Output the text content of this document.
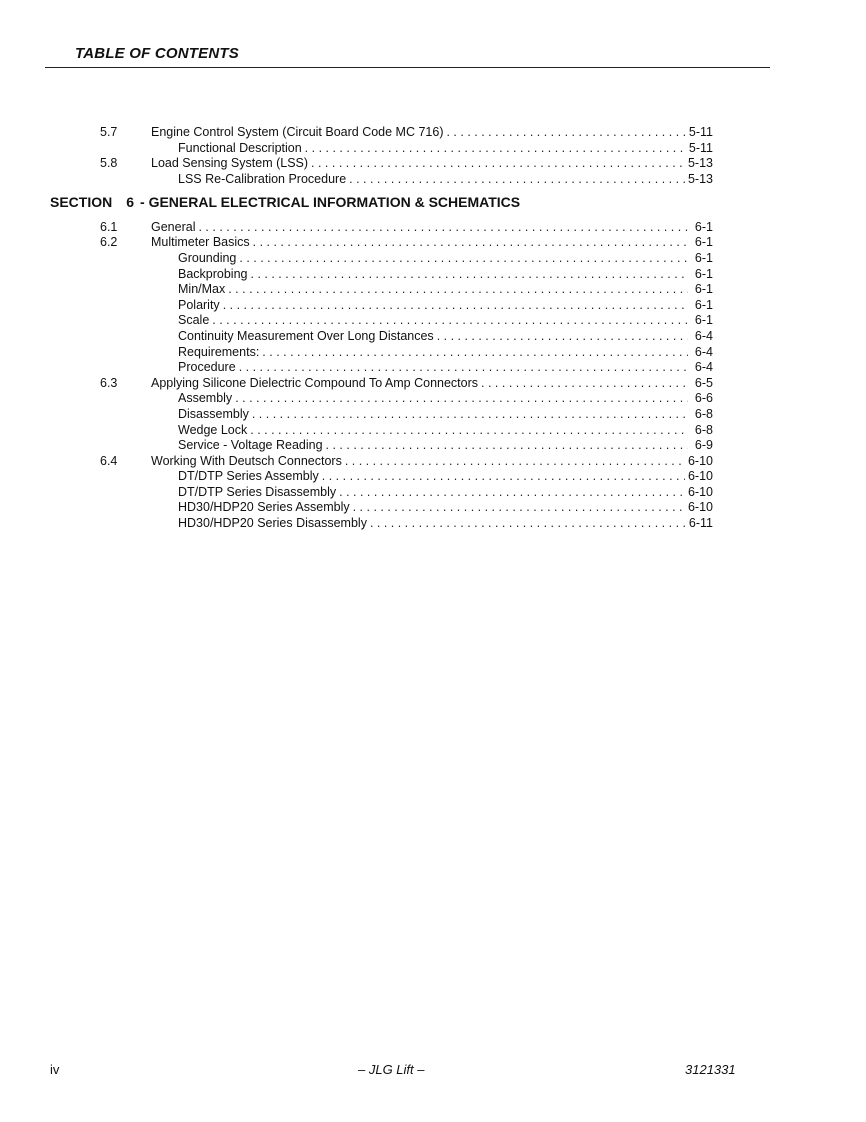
TABLE OF CONTENTS
5.7	Engine Control System (Circuit Board Code MC 716) . . .	5-11
Functional Description . . .	5-11
5.8	Load Sensing System (LSS) . . .	5-13
LSS Re-Calibration Procedure . . .	5-13
SECTION 6 - GENERAL ELECTRICAL INFORMATION & SCHEMATICS
6.1	General . . .	6-1
6.2	Multimeter Basics . . .	6-1
Grounding . . .	6-1
Backprobing . . .	6-1
Min/Max . . .	6-1
Polarity . . .	6-1
Scale . . .	6-1
Continuity Measurement Over Long Distances . . .	6-4
Requirements: . . .	6-4
Procedure . . .	6-4
6.3	Applying Silicone Dielectric Compound To Amp Connectors . . .	6-5
Assembly . . .	6-6
Disassembly . . .	6-8
Wedge Lock . . .	6-8
Service - Voltage Reading . . .	6-9
6.4	Working With Deutsch Connectors . . .	6-10
DT/DTP Series Assembly . . .	6-10
DT/DTP Series Disassembly . . .	6-10
HD30/HDP20 Series Assembly . . .	6-10
HD30/HDP20 Series Disassembly . . .	6-11
iv	– JLG Lift –	3121331
